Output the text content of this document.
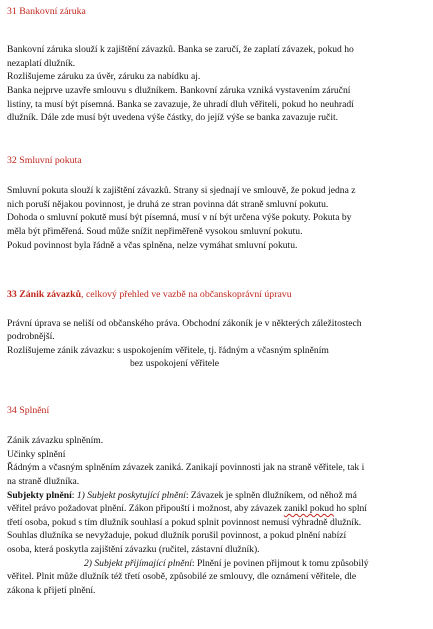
31 Bankovní záruka

Bankovní záruka slouží k zajištění závazků. Banka se zaručí, že zaplatí závazek, pokud ho

nezaplatí dlužník.

Rozlišujeme záruku za úvěr, záruku za nabídku aj.

Banka nejprve uzavře smlouvu s dlužníkem. Bankovní záruka vzniká vystavením záruční

listiny, ta musí být písemná. Banka se zavazuje, že uhradí dluh věřiteli, pokud ho neuhradí

dlužník. Dále zde musí být uvedena výše částky, do jejíž výše se banka zavazuje ručit.

32 Smluvní pokuta

Smluvní pokuta slouží k zajištění závazků. Strany si sjednají ve smlouvě, že pokud jedna z

nich poruší nějakou povinnost, je druhá ze stran povinna dát straně smluvní pokutu.

Dohoda o smluvní pokutě musí být písemná, musí v ní být určena výše pokuty. Pokuta by

měla být přiměřená. Soud může snížit nepřiměřeně vysokou smluvní pokutu.

Pokud povinnost byla řádně a včas splněna, nelze vymáhat smluvní pokutu.

33 Zánik závazků, celkový přehled ve vazbě na občanskoprávní úpravu

Právní úprava se neliší od občanského práva. Obchodní zákoník je v některých záležitostech

podrobnější.

Rozlišujeme zánik závazku: s uspokojením věřitele, tj. řádným a včasným splněním

bez uspokojení věřitele

34 Splnění

Zánik závazku splněním.

Učinky splnění

Řádným a včasným splněním závazek zaniká. Zanikají povinnosti jak na straně věřitele, tak i

na straně dlužníka.

Subjekty plnění: 1) Subjekt poskytující plnění: Závazek je splněn dlužníkem, od něhož má

věřitel právo požadovat plnění. Zákon připouští i možnost, aby závazek zanikl pokud ho splní

třetí osoba, pokud s tím dlužník souhlasí a pokud splnit povinnost nemusí výhradně dlužník.

Souhlas dlužníka se nevyžaduje, pokud dlužník porušil povinnost, a pokud plnění nabízí

osoba, která poskytla zajištění závazku (ručitel, zástavní dlužník).

2) Subjekt přijímající plnění: Plnění je povinen přijmout k tomu způsobilý

věřitel. Plnit může dlužník též třetí osobě, způsobilé ze smlouvy, dle oznámení věřitele, dle

zákona k přijetí plnění.
